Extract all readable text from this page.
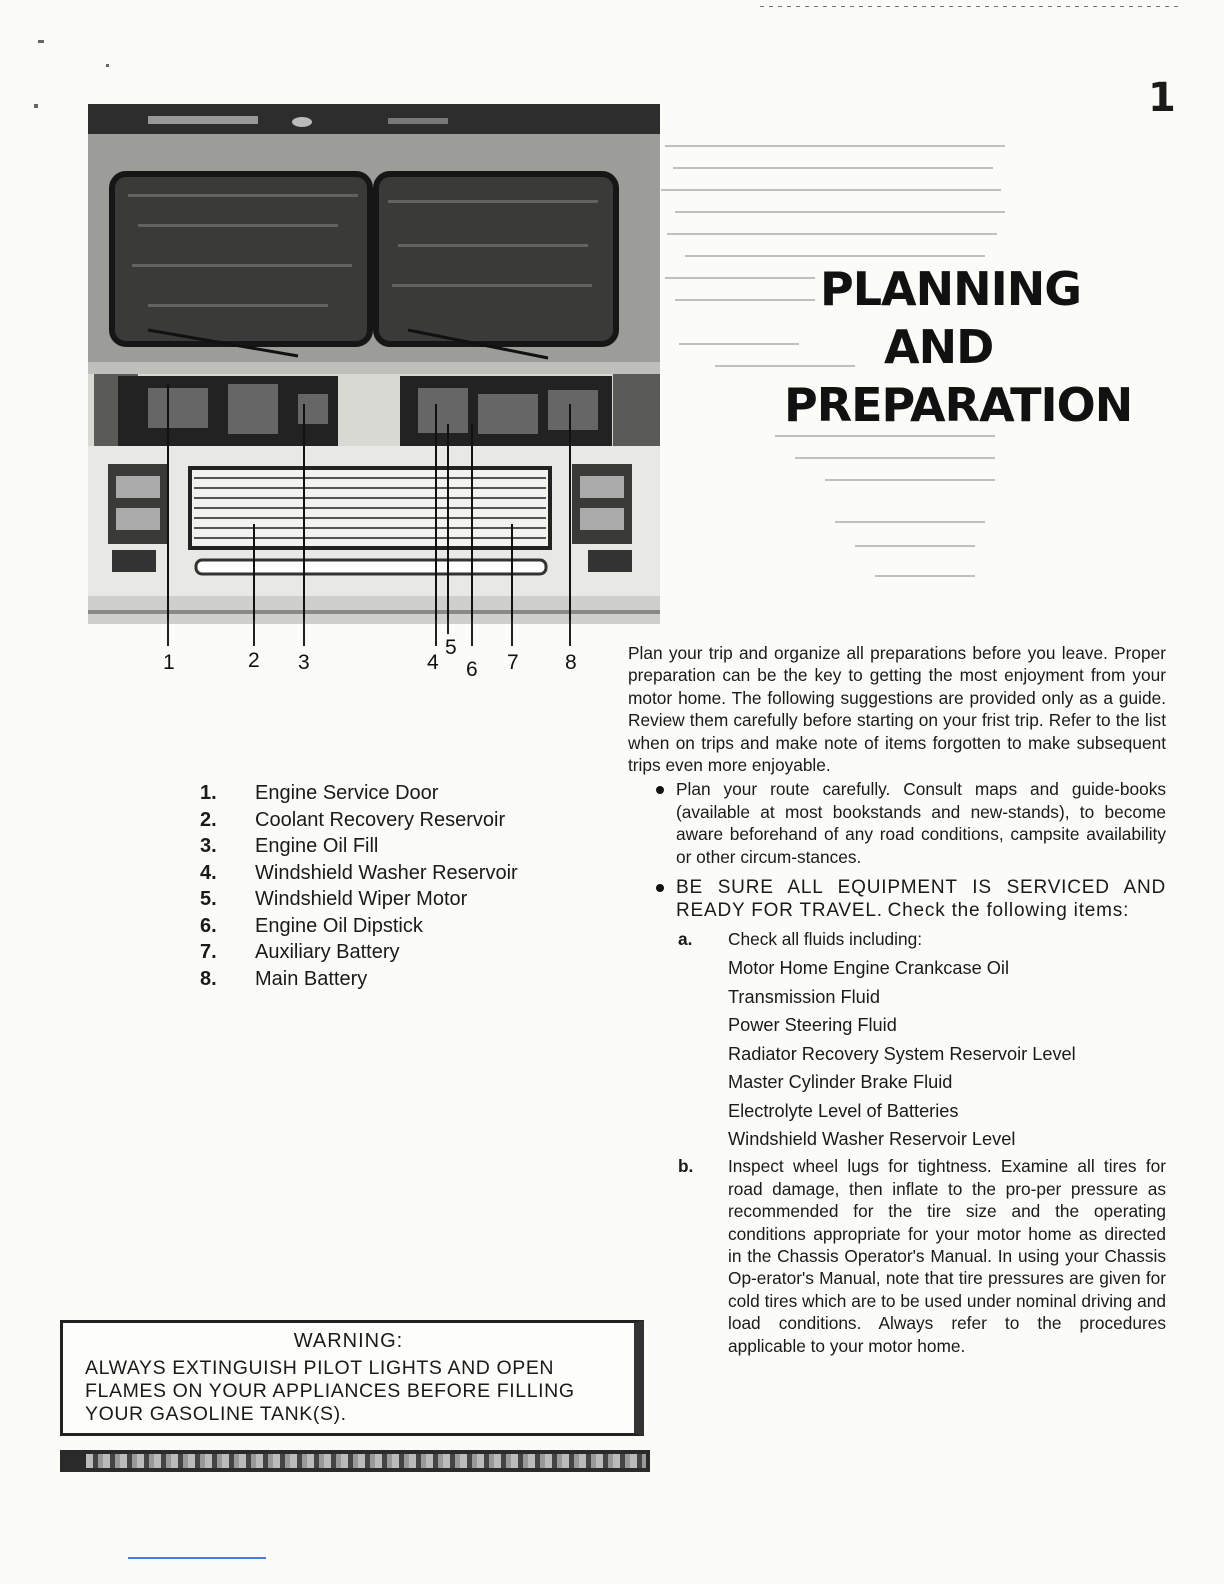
1
PLANNING
AND
PREPARATION
1	2 3	4
5
6 7 8
1.	Engine Service Door
2.	Coolant Recovery Reservoir
3.	Engine Oil Fill
4.	Windshield Washer Reservoir
5.	Windshield Wiper Motor
6.	Engine Oil Dipstick
7.	Auxiliary Battery
8.	Main Battery
WARNING:
ALWAYS EXTINGUISH PILOT LIGHTS AND OPEN FLAMES ON YOUR APPLIANCES BEFORE FILLING YOUR GASOLINE TANK(S).

Plan your trip and organize all preparations before you leave. Proper preparation can be the key to getting the most enjoyment from your motor home. The following suggestions are provided only as a guide. Review them carefully before starting on your frist trip. Refer to the list when on trips and make note of items forgotten to make subsequent trips even more enjoyable.

Plan your route carefully. Consult maps and guide-books (available at most bookstands and new-stands), to become aware beforehand of any road conditions, campsite availability or other circum-stances.
BE SURE ALL EQUIPMENT IS SERVICED AND READY FOR TRAVEL. Check the following items:
a. Check all fluids including:
Motor Home Engine Crankcase Oil
Transmission Fluid
Power Steering Fluid
Radiator Recovery System Reservoir Level
Master Cylinder Brake Fluid
Electrolyte Level of Batteries
Windshield Washer Reservoir Level
b. Inspect wheel lugs for tightness. Examine all tires for road damage, then inflate to the pro-per pressure as recommended for the tire size and the operating conditions appropriate for your motor home as directed in the Chassis Operator's Manual. In using your Chassis Op-erator's Manual, note that tire pressures are given for cold tires which are to be used under nominal driving and load conditions. Always refer to the procedures applicable to your motor home.
